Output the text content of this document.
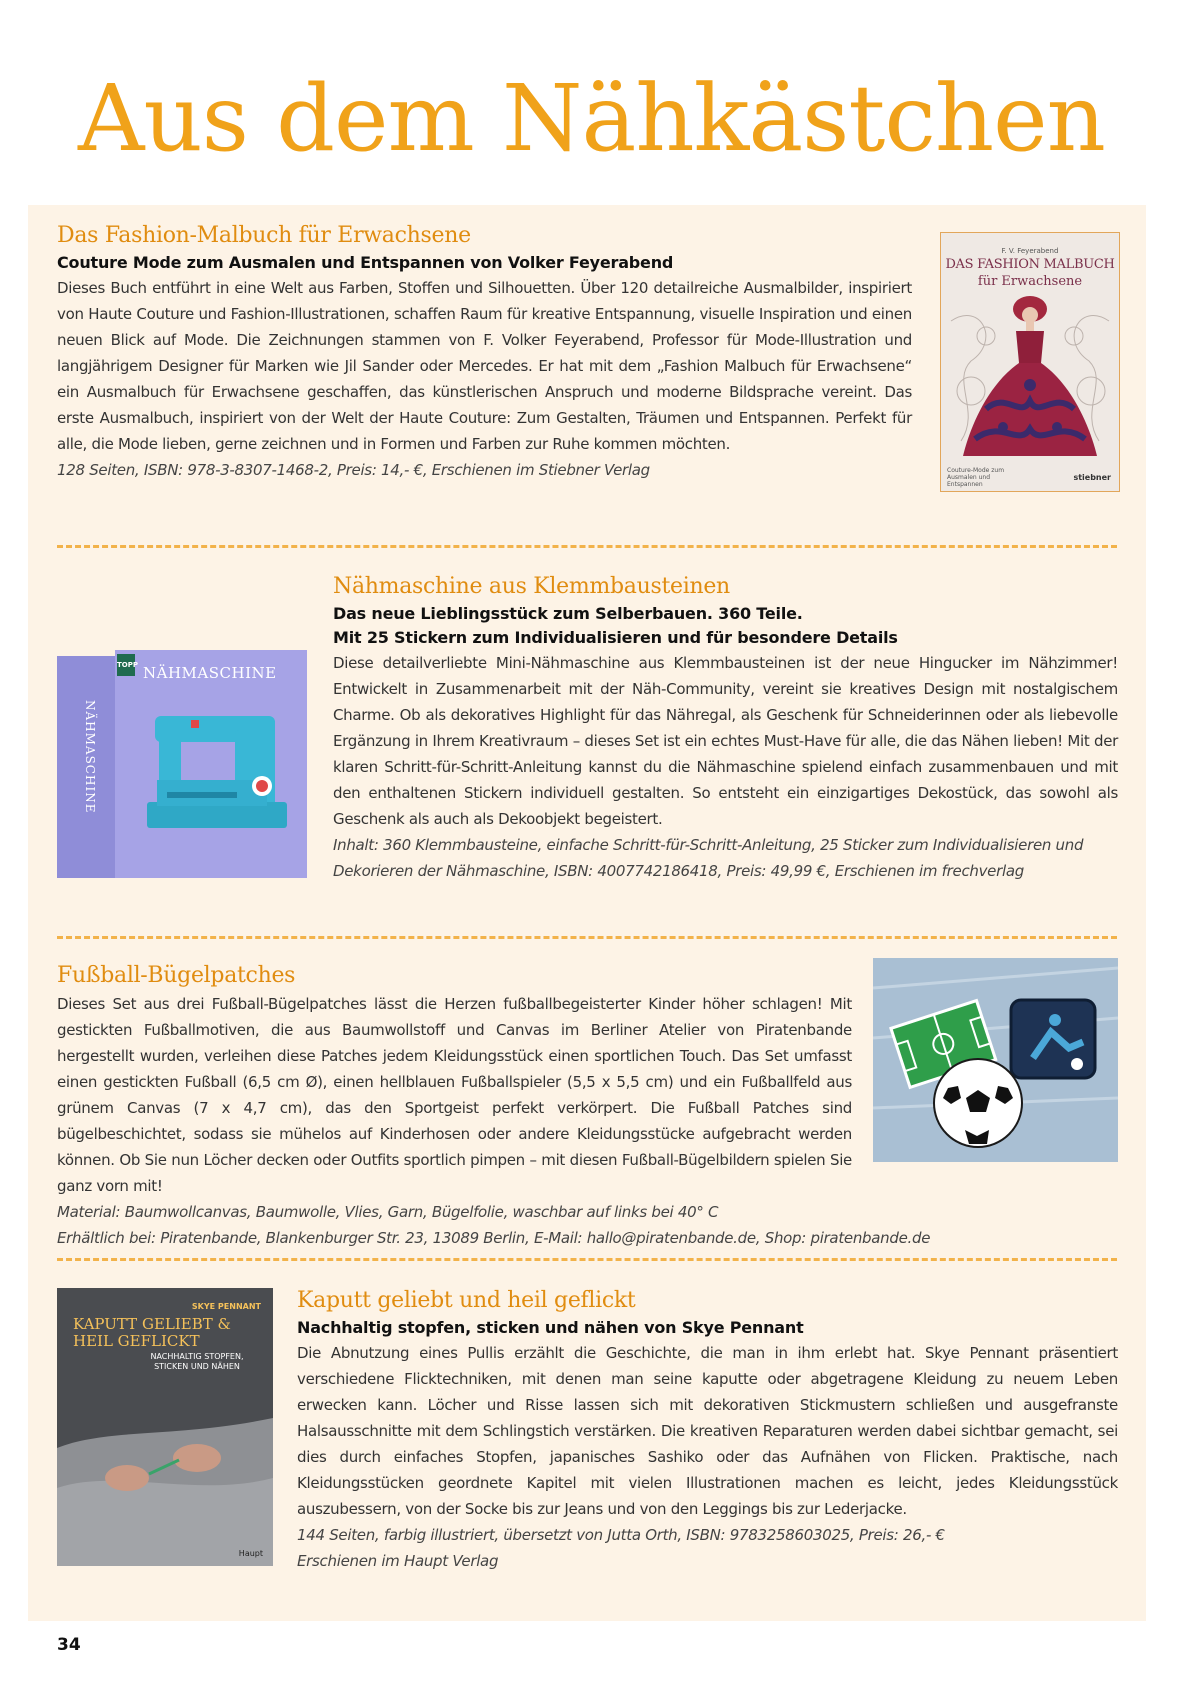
Aus dem Nähkästchen
Das Fashion-Malbuch für Erwachsene

Couture Mode zum Ausmalen und Entspannen von Volker Feyerabend

Dieses Buch entführt in eine Welt aus Farben, Stoffen und Silhouetten. Über 120 detailreiche Ausmalbilder, inspiriert von Haute Couture und Fashion-Illustrationen, schaffen Raum für kreative Entspannung, visuelle Inspiration und einen neuen Blick auf Mode. Die Zeichnungen stammen von F. Volker Feyerabend, Professor für Mode-Illustration und langjährigem Designer für Marken wie Jil Sander oder Mercedes. Er hat mit dem „Fashion Malbuch für Erwachsene“ ein Ausmalbuch für Erwachsene geschaffen, das künstlerischen Anspruch und moderne Bildsprache vereint. Das erste Ausmalbuch, inspiriert von der Welt der Haute Couture: Zum Gestalten, Träumen und Entspannen. Perfekt für alle, die Mode lieben, gerne zeichnen und in Formen und Farben zur Ruhe kommen möchten.

128 Seiten, ISBN: 978-3-8307-1468-2, Preis: 14,- €, Erschienen im Stiebner Verlag

F. V. Feyerabend
DAS FASHION MALBUCH
für Erwachsene
Couture-Mode zum Ausmalen und Entspannen
stiebner
Nähmaschine aus Klemmbausteinen

Das neue Lieblingsstück zum Selberbauen. 360 Teile.

Mit 25 Stickern zum Individualisieren und für besondere Details

Diese detailverliebte Mini-Nähmaschine aus Klemmbausteinen ist der neue Hingucker im Nähzimmer! Entwickelt in Zusammenarbeit mit der Näh-Community, vereint sie kreatives Design mit nostalgischem Charme. Ob als dekoratives Highlight für das Nähregal, als Geschenk für Schneiderinnen oder als liebevolle Ergänzung in Ihrem Kreativraum – dieses Set ist ein echtes Must-Have für alle, die das Nähen lieben! Mit der klaren Schritt-für-Schritt-Anleitung kannst du die Nähmaschine spielend einfach zusammenbauen und mit den enthaltenen Stickern individuell gestalten. So entsteht ein einzigartiges Dekostück, das sowohl als Geschenk als auch als Dekoobjekt begeistert.

Inhalt: 360 Klemmbausteine, einfache Schritt-für-Schritt-Anleitung, 25 Sticker zum Individualisieren und Dekorieren der Nähmaschine, ISBN: 4007742186418, Preis: 49,99 €, Erschienen im frechverlag

TOPP NÄHMASCHINE
NÄHMASCHINE
Fußball-Bügelpatches

Dieses Set aus drei Fußball-Bügelpatches lässt die Herzen fußballbegeisterter Kinder höher schlagen! Mit gestickten Fußballmotiven, die aus Baumwollstoff und Canvas im Berliner Atelier von Piratenbande hergestellt wurden, verleihen diese Patches jedem Kleidungsstück einen sportlichen Touch. Das Set umfasst einen gestickten Fußball (6,5 cm Ø), einen hellblauen Fußballspieler (5,5 x 5,5 cm) und ein Fußballfeld aus grünem Canvas (7 x 4,7 cm), das den Sportgeist perfekt verkörpert. Die Fußball Patches sind bügelbeschichtet, sodass sie mühelos auf Kinderhosen oder andere Kleidungsstücke aufgebracht werden können. Ob Sie nun Löcher decken oder Outfits sportlich pimpen – mit diesen Fußball-Bügelbildern spielen Sie ganz vorn mit!

Material: Baumwollcanvas, Baumwolle, Vlies, Garn, Bügelfolie, waschbar auf links bei 40° C

Erhältlich bei: Piratenbande, Blankenburger Str. 23, 13089 Berlin, E-Mail: hallo@piratenbande.de, Shop: piratenbande.de

Kaputt geliebt und heil geflickt

Nachhaltig stopfen, sticken und nähen von Skye Pennant

Die Abnutzung eines Pullis erzählt die Geschichte, die man in ihm erlebt hat. Skye Pennant präsentiert verschiedene Flicktechniken, mit denen man seine kaputte oder abgetragene Kleidung zu neuem Leben erwecken kann. Löcher und Risse lassen sich mit dekorativen Stickmustern schließen und ausgefranste Halsausschnitte mit dem Schlingstich verstärken. Die kreativen Reparaturen werden dabei sichtbar gemacht, sei dies durch einfaches Stopfen, japanisches Sashiko oder das Aufnähen von Flicken. Praktische, nach Kleidungsstücken geordnete Kapitel mit vielen Illustrationen machen es leicht, jedes Kleidungsstück auszubessern, von der Socke bis zur Jeans und von den Leggings bis zur Lederjacke.

144 Seiten, farbig illustriert, übersetzt von Jutta Orth, ISBN: 9783258603025, Preis: 26,- €

Erschienen im Haupt Verlag

SKYE PENNANT
KAPUTT GELIEBT & HEIL GEFLICKT
NACHHALTIG STOPFEN, STICKEN UND NÄHEN
Haupt
34
